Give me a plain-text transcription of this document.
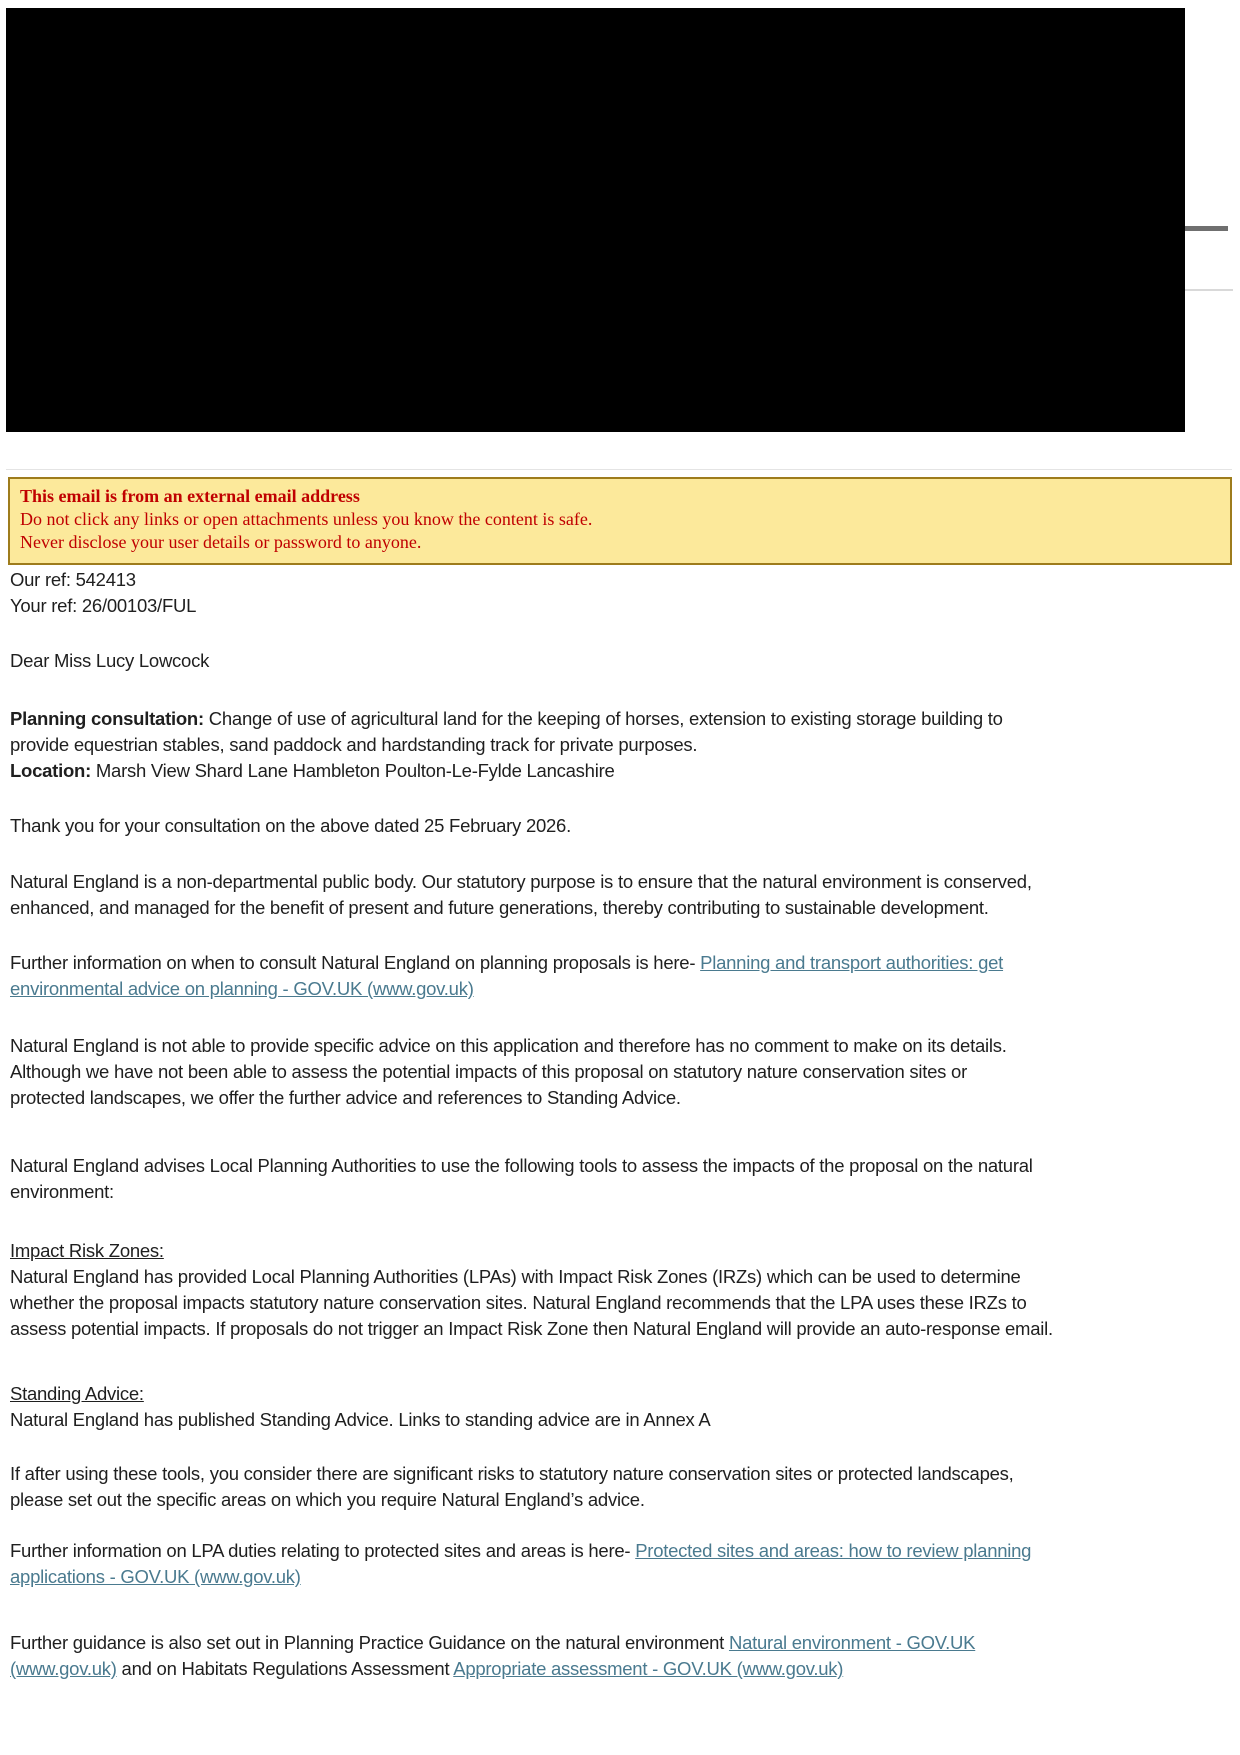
This email is from an external email address
Do not click any links or open attachments unless you know the content is safe.
Never disclose your user details or password to anyone.
Our ref: 542413
Your ref: 26/00103/FUL
Dear Miss Lucy Lowcock
Planning consultation: Change of use of agricultural land for the keeping of horses, extension to existing storage building to
provide equestrian stables, sand paddock and hardstanding track for private purposes.
Location: Marsh View Shard Lane Hambleton Poulton-Le-Fylde Lancashire
Thank you for your consultation on the above dated 25 February 2026.
Natural England is a non-departmental public body. Our statutory purpose is to ensure that the natural environment is conserved,
enhanced, and managed for the benefit of present and future generations, thereby contributing to sustainable development.
Further information on when to consult Natural England on planning proposals is here- Planning and transport authorities: get
environmental advice on planning - GOV.UK (www.gov.uk)
Natural England is not able to provide specific advice on this application and therefore has no comment to make on its details.
Although we have not been able to assess the potential impacts of this proposal on statutory nature conservation sites or
protected landscapes, we offer the further advice and references to Standing Advice.
Natural England advises Local Planning Authorities to use the following tools to assess the impacts of the proposal on the natural
environment:
Impact Risk Zones:
Natural England has provided Local Planning Authorities (LPAs) with Impact Risk Zones (IRZs) which can be used to determine
whether the proposal impacts statutory nature conservation sites. Natural England recommends that the LPA uses these IRZs to
assess potential impacts. If proposals do not trigger an Impact Risk Zone then Natural England will provide an auto-response email.
Standing Advice:
Natural England has published Standing Advice. Links to standing advice are in Annex A
If after using these tools, you consider there are significant risks to statutory nature conservation sites or protected landscapes,
please set out the specific areas on which you require Natural England’s advice.
Further information on LPA duties relating to protected sites and areas is here- Protected sites and areas: how to review planning
applications - GOV.UK (www.gov.uk)
Further guidance is also set out in Planning Practice Guidance on the natural environment Natural environment - GOV.UK
(www.gov.uk) and on Habitats Regulations Assessment Appropriate assessment - GOV.UK (www.gov.uk)
